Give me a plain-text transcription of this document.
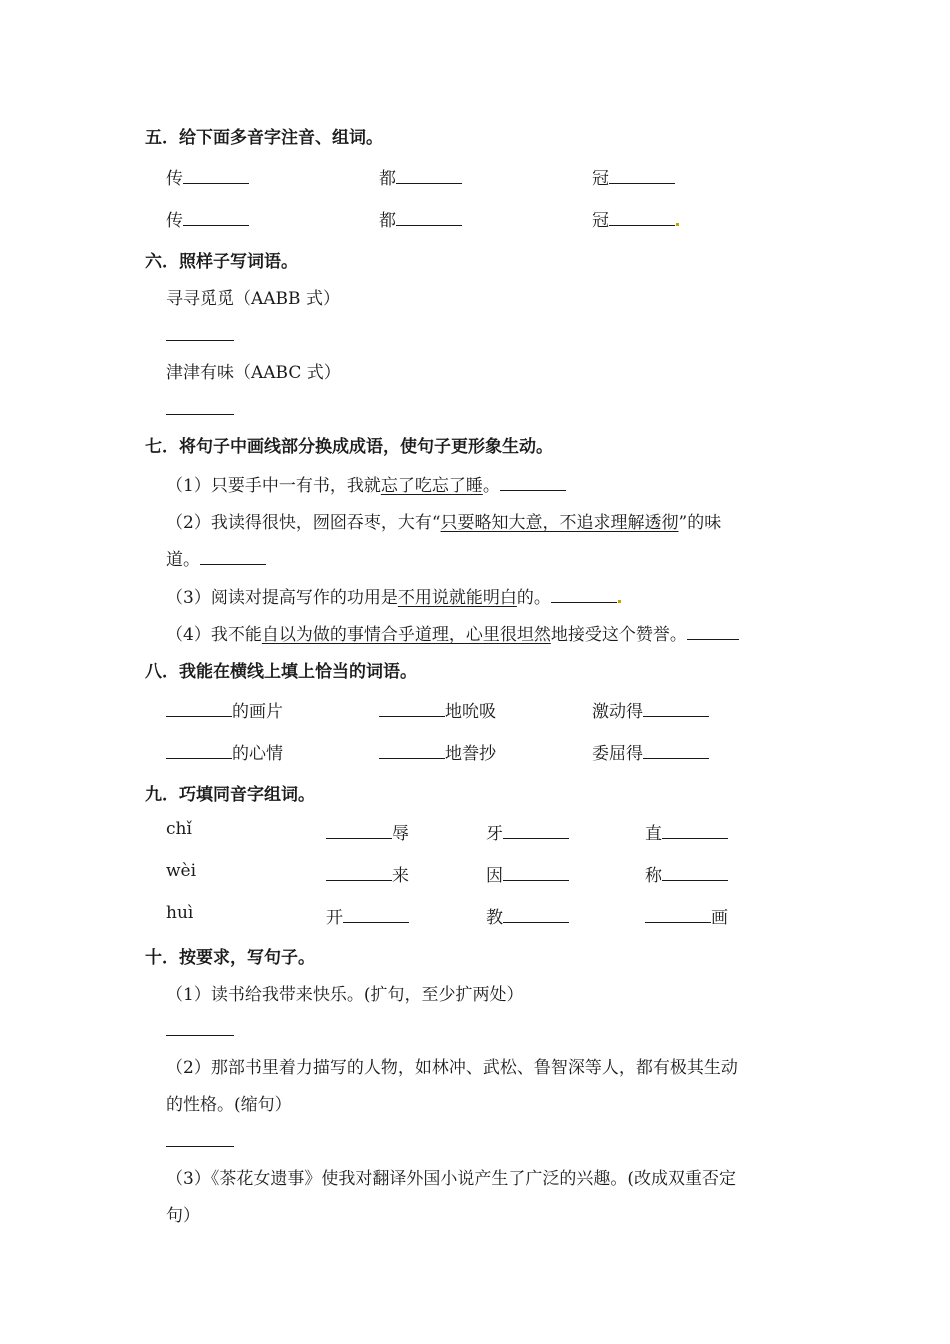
五．给下面多音字注音、组词。
传	都	冠
传	都	冠
六．照样子写词语。
寻寻觅觅（AABB 式）
津津有味（AABC 式）
七．将句子中画线部分换成成语，使句子更形象生动。
（1）只要手中一有书，我就忘了吃忘了睡。
（2）我读得很快，囫囵吞枣，大有“只要略知大意，不追求理解透彻”的味
道。
（3）阅读对提高写作的功用是不用说就能明白的。
（4）我不能自以为做的事情合乎道理，心里很坦然地接受这个赞誉。
八．我能在横线上填上恰当的词语。
的画片	地吮吸	激动得
的心情	地誊抄	委屈得
九．巧填同音字组词。
chǐ	辱	牙	直
wèi	来	因	称
huì	开	教	画
十．按要求，写句子。
（1）读书给我带来快乐。(扩句，至少扩两处）
（2）那部书里着力描写的人物，如林冲、武松、鲁智深等人，都有极其生动
的性格。(缩句）
（3）《茶花女遗事》使我对翻译外国小说产生了广泛的兴趣。(改成双重否定
句）
